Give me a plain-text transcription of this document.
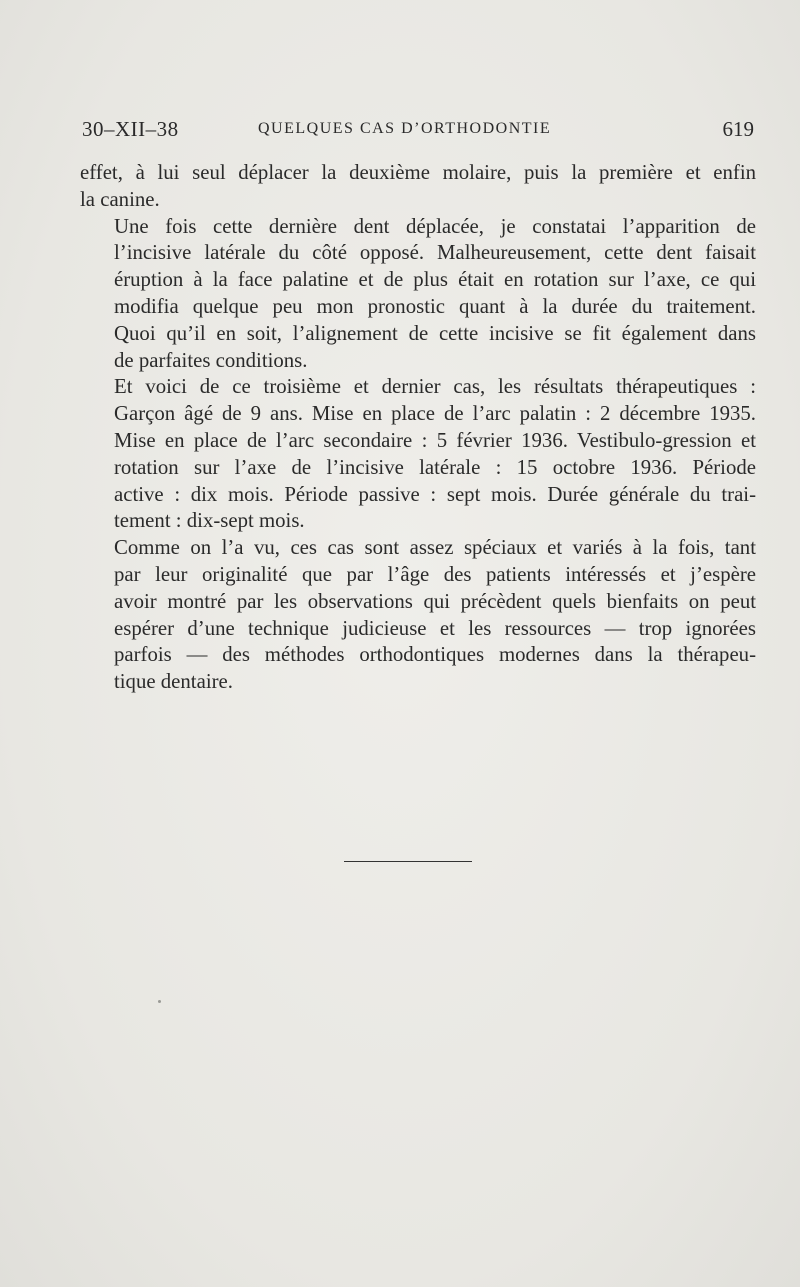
30–XII–38	QUELQUES CAS D’ORTHODONTIE	619

effet, à lui seul déplacer la deuxième molaire, puis la première et enfin
la canine.

Une fois cette dernière dent déplacée, je constatai l’apparition de
l’incisive latérale du côté opposé. Malheureusement, cette dent faisait
éruption à la face palatine et de plus était en rotation sur l’axe, ce qui
modifia quelque peu mon pronostic quant à la durée du traitement.
Quoi qu’il en soit, l’alignement de cette incisive se fit également dans
de parfaites conditions.

Et voici de ce troisième et dernier cas, les résultats thérapeutiques :
Garçon âgé de 9 ans. Mise en place de l’arc palatin : 2 décembre 1935.
Mise en place de l’arc secondaire : 5 février 1936. Vestibulo-gression et
rotation sur l’axe de l’incisive latérale : 15 octobre 1936. Période
active : dix mois. Période passive : sept mois. Durée générale du trai-
tement : dix-sept mois.

Comme on l’a vu, ces cas sont assez spéciaux et variés à la fois, tant
par leur originalité que par l’âge des patients intéressés et j’espère
avoir montré par les observations qui précèdent quels bienfaits on peut
espérer d’une technique judicieuse et les ressources — trop ignorées
parfois — des méthodes orthodontiques modernes dans la thérapeu-
tique dentaire.
